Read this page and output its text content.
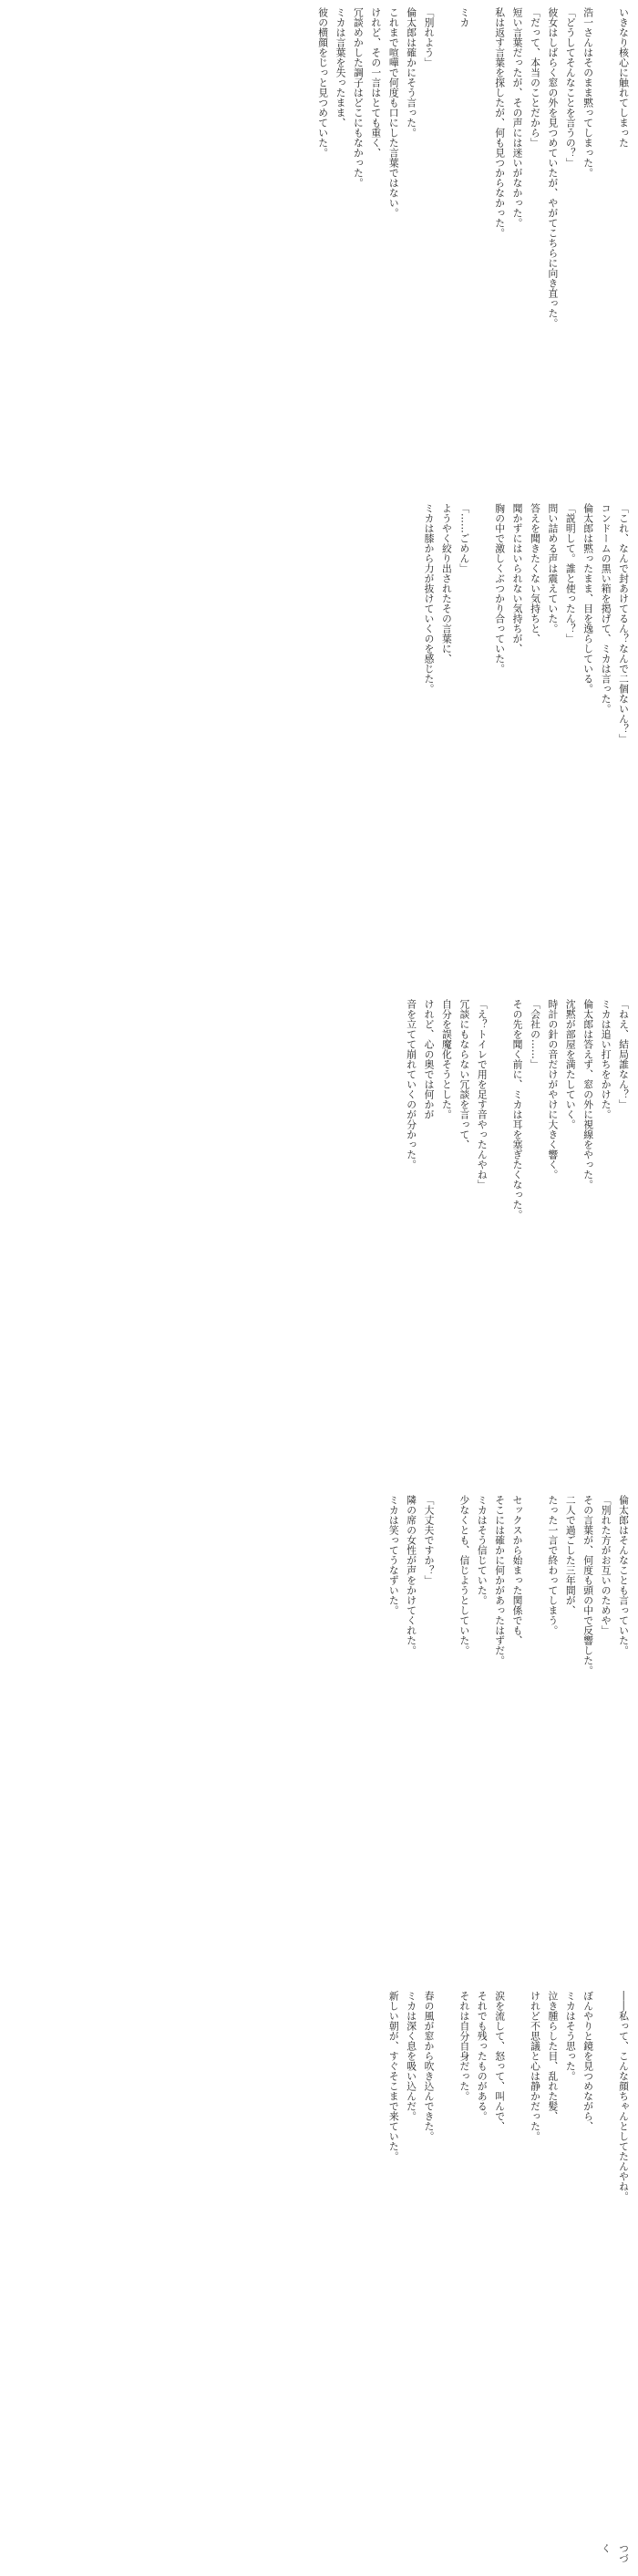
いきなり核心に触れてしまった

浩一さんはそのまま黙ってしまった。
「どうしてそんなことを言うの？」
彼女はしばらく窓の外を見つめていたが、やがてこちらに向き直った。
「だって、本当のことだから」
短い言葉だったが、その声には迷いがなかった。
私は返す言葉を探したが、何も見つからなかった。

ミカ

「別れよう」
倫太郎は確かにそう言った。
これまで喧嘩で何度も口にした言葉ではない。
けれど、その一言はとても重く、
冗談めかした調子はどこにもなかった。
ミカは言葉を失ったまま、
彼の横顔をじっと見つめていた。

「これ、なんで封あけてるん？なんで二個ないん？」
コンドームの黒い箱を掲げて、ミカは言った。
倫太郎は黙ったまま、目を逸らしている。
「説明して。誰と使ったん？」
問い詰める声は震えていた。
答えを聞きたくない気持ちと、
聞かずにはいられない気持ちが、
胸の中で激しくぶつかり合っていた。

「……ごめん」
ようやく絞り出されたその言葉に、
ミカは膝から力が抜けていくのを感じた。

「ねえ、結局誰なん？」
ミカは追い打ちをかけた。
倫太郎は答えず、窓の外に視線をやった。
沈黙が部屋を満たしていく。
時計の針の音だけがやけに大きく響く。
「会社の……」
その先を聞く前に、ミカは耳を塞ぎたくなった。

「え？トイレで用を足す音やったんやね」
冗談にもならない冗談を言って、
自分を誤魔化そうとした。
けれど、心の奥では何かが
音を立てて崩れていくのが分かった。

倫太郎はそんなことも言っていた。
「別れた方がお互いのためや」
その言葉が、何度も頭の中で反響した。
二人で過ごした三年間が、
たった一言で終わってしまう。

セックスから始まった関係でも、
そこには確かに何かがあったはずだ。
ミカはそう信じていた。
少なくとも、信じようとしていた。

「大丈夫ですか？」
隣の席の女性が声をかけてくれた。
ミカは笑ってうなずいた。

――私って、こんな顔ちゃんとしてたんやね。

ぼんやりと鏡を見つめながら、
ミカはそう思った。
泣き腫らした目、乱れた髪、
けれど不思議と心は静かだった。

涙を流して、怒って、叫んで、
それでも残ったものがある。
それは自分自身だった。

春の風が窓から吹き込んできた。
ミカは深く息を吸い込んだ。
新しい朝が、すぐそこまで来ていた。

つづく
